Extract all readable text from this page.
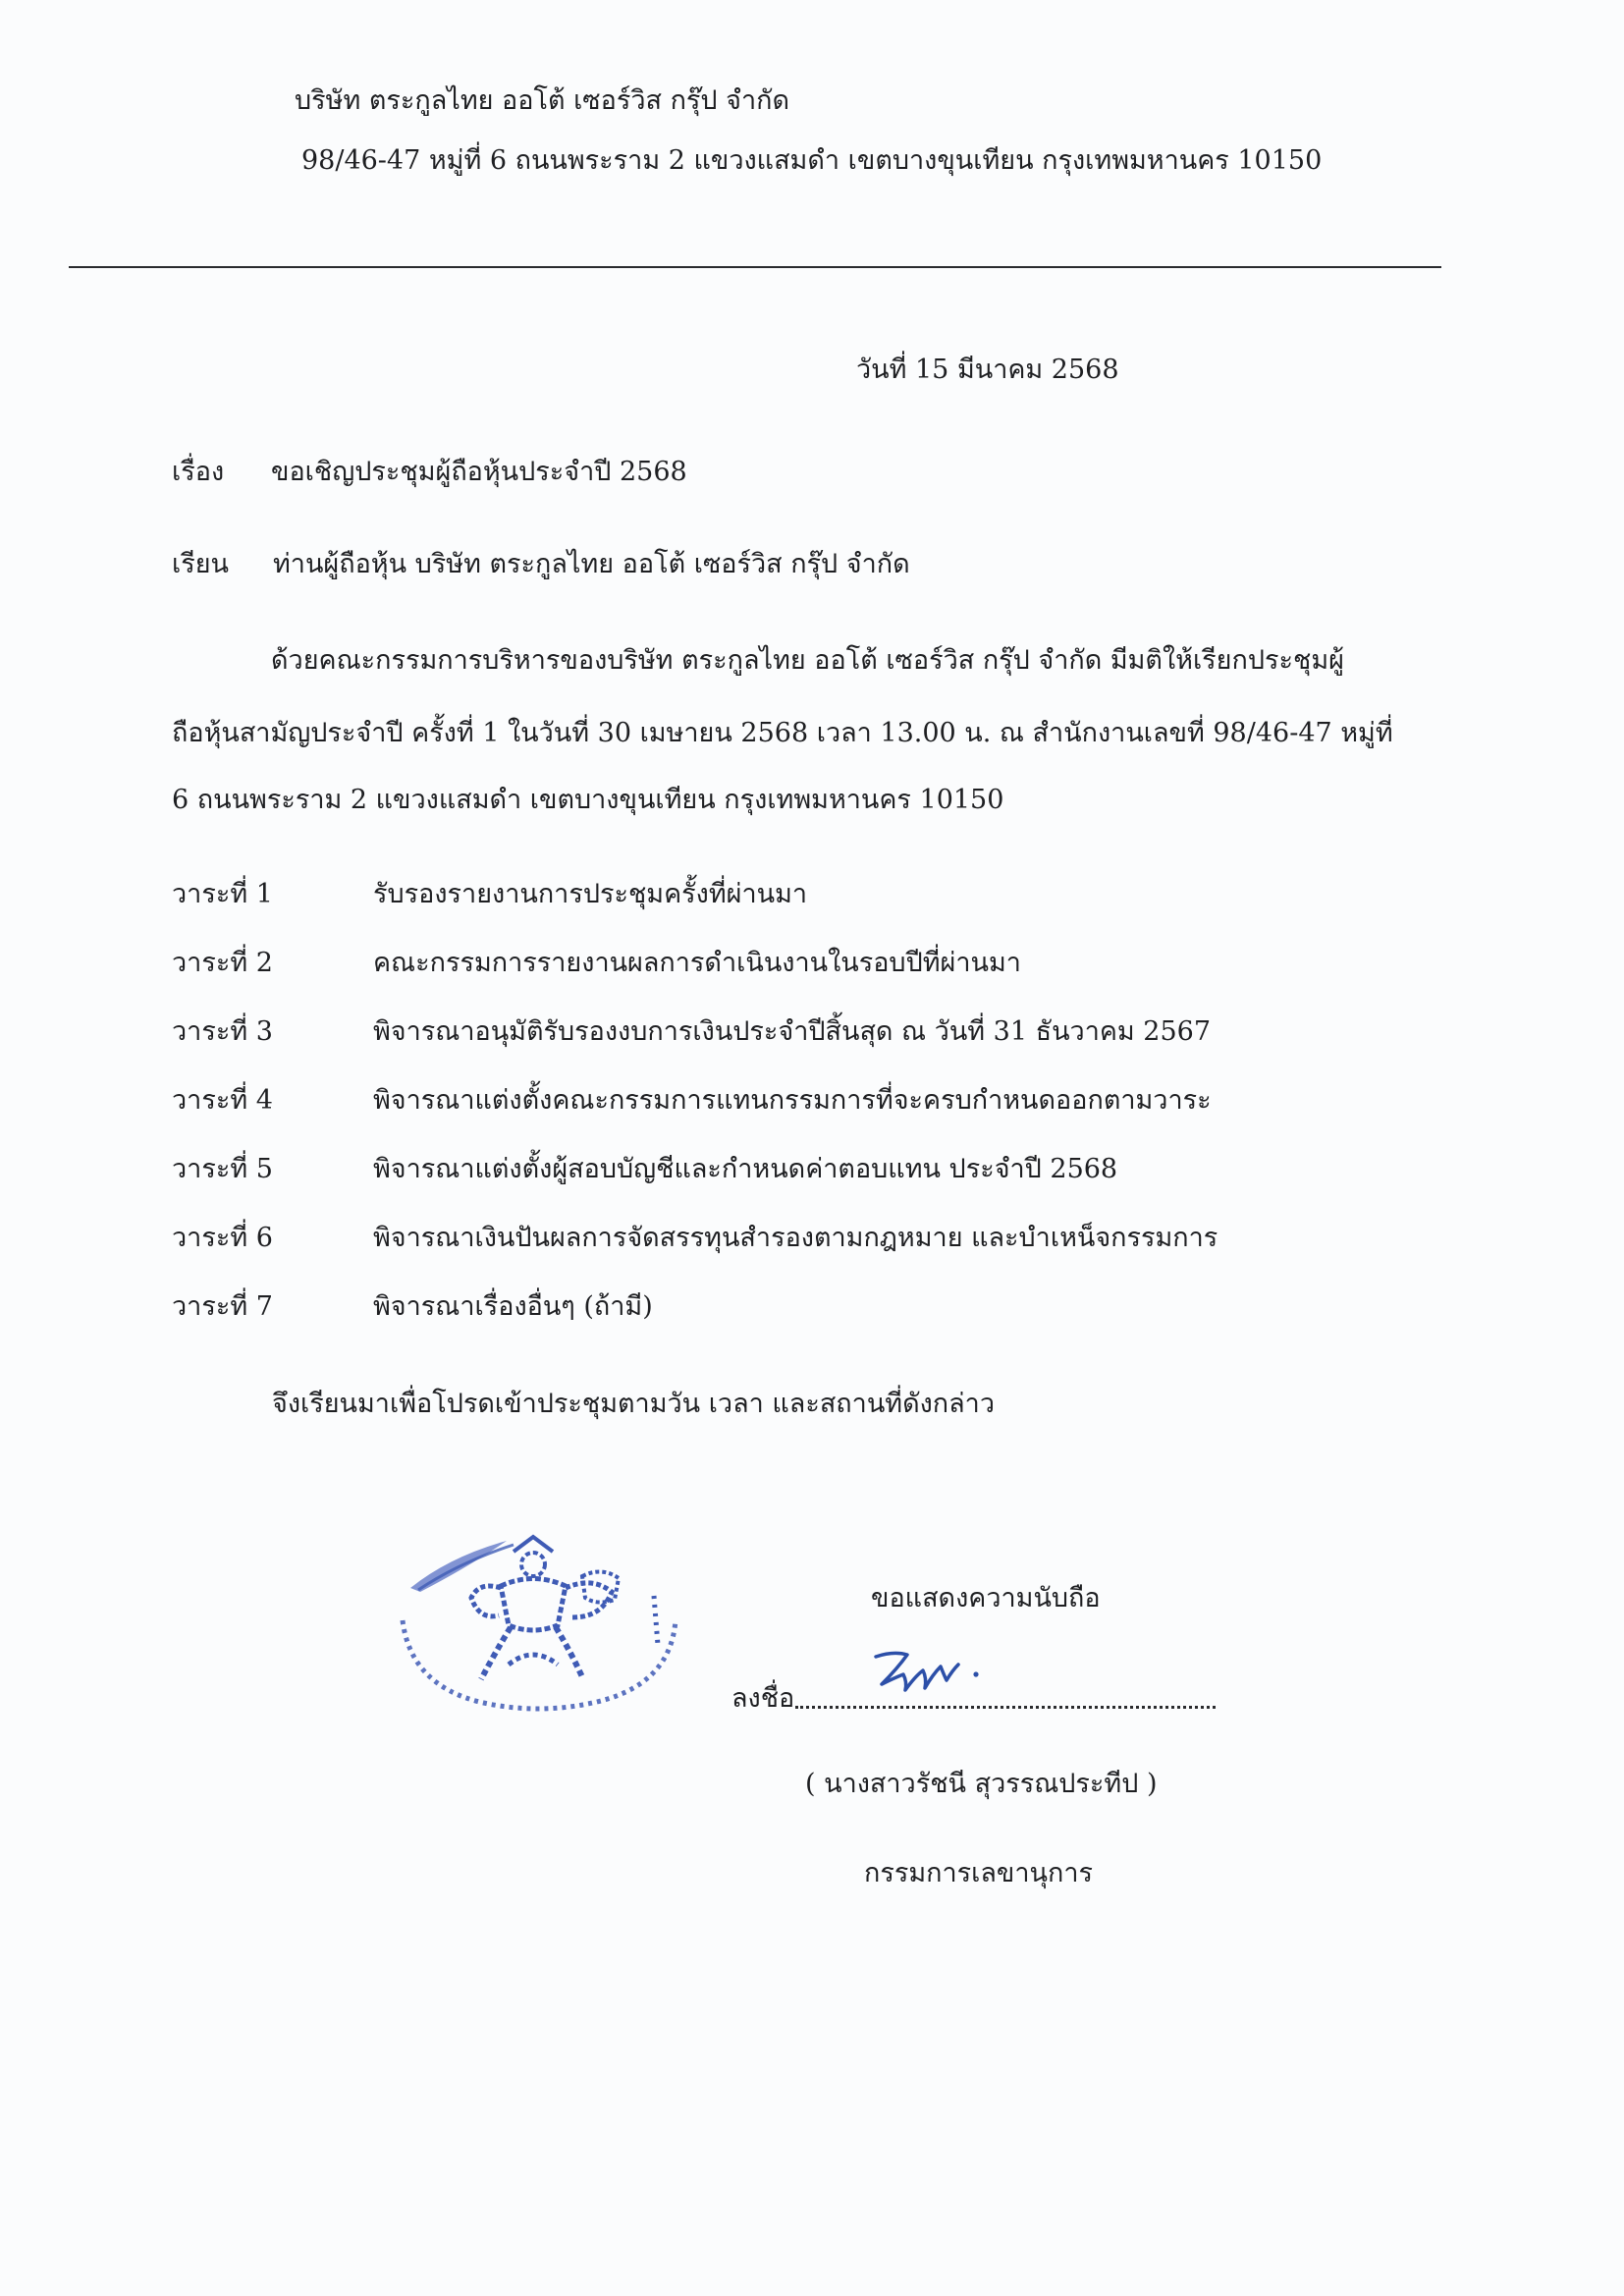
บริษัท ตระกูลไทย ออโต้ เซอร์วิส กรุ๊ป จำกัด
98/46-47 หมู่ที่ 6 ถนนพระราม 2 แขวงแสมดำ เขตบางขุนเทียน กรุงเทพมหานคร 10150
วันที่ 15 มีนาคม 2568
เรื่อง ขอเชิญประชุมผู้ถือหุ้นประจำปี 2568
เรียน ท่านผู้ถือหุ้น บริษัท ตระกูลไทย ออโต้ เซอร์วิส กรุ๊ป จำกัด
ด้วยคณะกรรมการบริหารของบริษัท ตระกูลไทย ออโต้ เซอร์วิส กรุ๊ป จำกัด มีมติให้เรียกประชุมผู้
ถือหุ้นสามัญประจำปี ครั้งที่ 1 ในวันที่ 30 เมษายน 2568 เวลา 13.00 น. ณ สำนักงานเลขที่ 98/46-47 หมู่ที่
6 ถนนพระราม 2 แขวงแสมดำ เขตบางขุนเทียน กรุงเทพมหานคร 10150
วาระที่ 1	รับรองรายงานการประชุมครั้งที่ผ่านมา
วาระที่ 2	คณะกรรมการรายงานผลการดำเนินงานในรอบปีที่ผ่านมา
วาระที่ 3	พิจารณาอนุมัติรับรองงบการเงินประจำปีสิ้นสุด ณ วันที่ 31 ธันวาคม 2567
วาระที่ 4	พิจารณาแต่งตั้งคณะกรรมการแทนกรรมการที่จะครบกำหนดออกตามวาระ
วาระที่ 5	พิจารณาแต่งตั้งผู้สอบบัญชีและกำหนดค่าตอบแทน ประจำปี 2568
วาระที่ 6	พิจารณาเงินปันผลการจัดสรรทุนสำรองตามกฎหมาย และบำเหน็จกรรมการ
วาระที่ 7	พิจารณาเรื่องอื่นๆ (ถ้ามี)
จึงเรียนมาเพื่อโปรดเข้าประชุมตามวัน เวลา และสถานที่ดังกล่าว
ขอแสดงความนับถือ
ลงชื่อ
( นางสาวรัชนี สุวรรณประทีป )
กรรมการเลขานุการ
